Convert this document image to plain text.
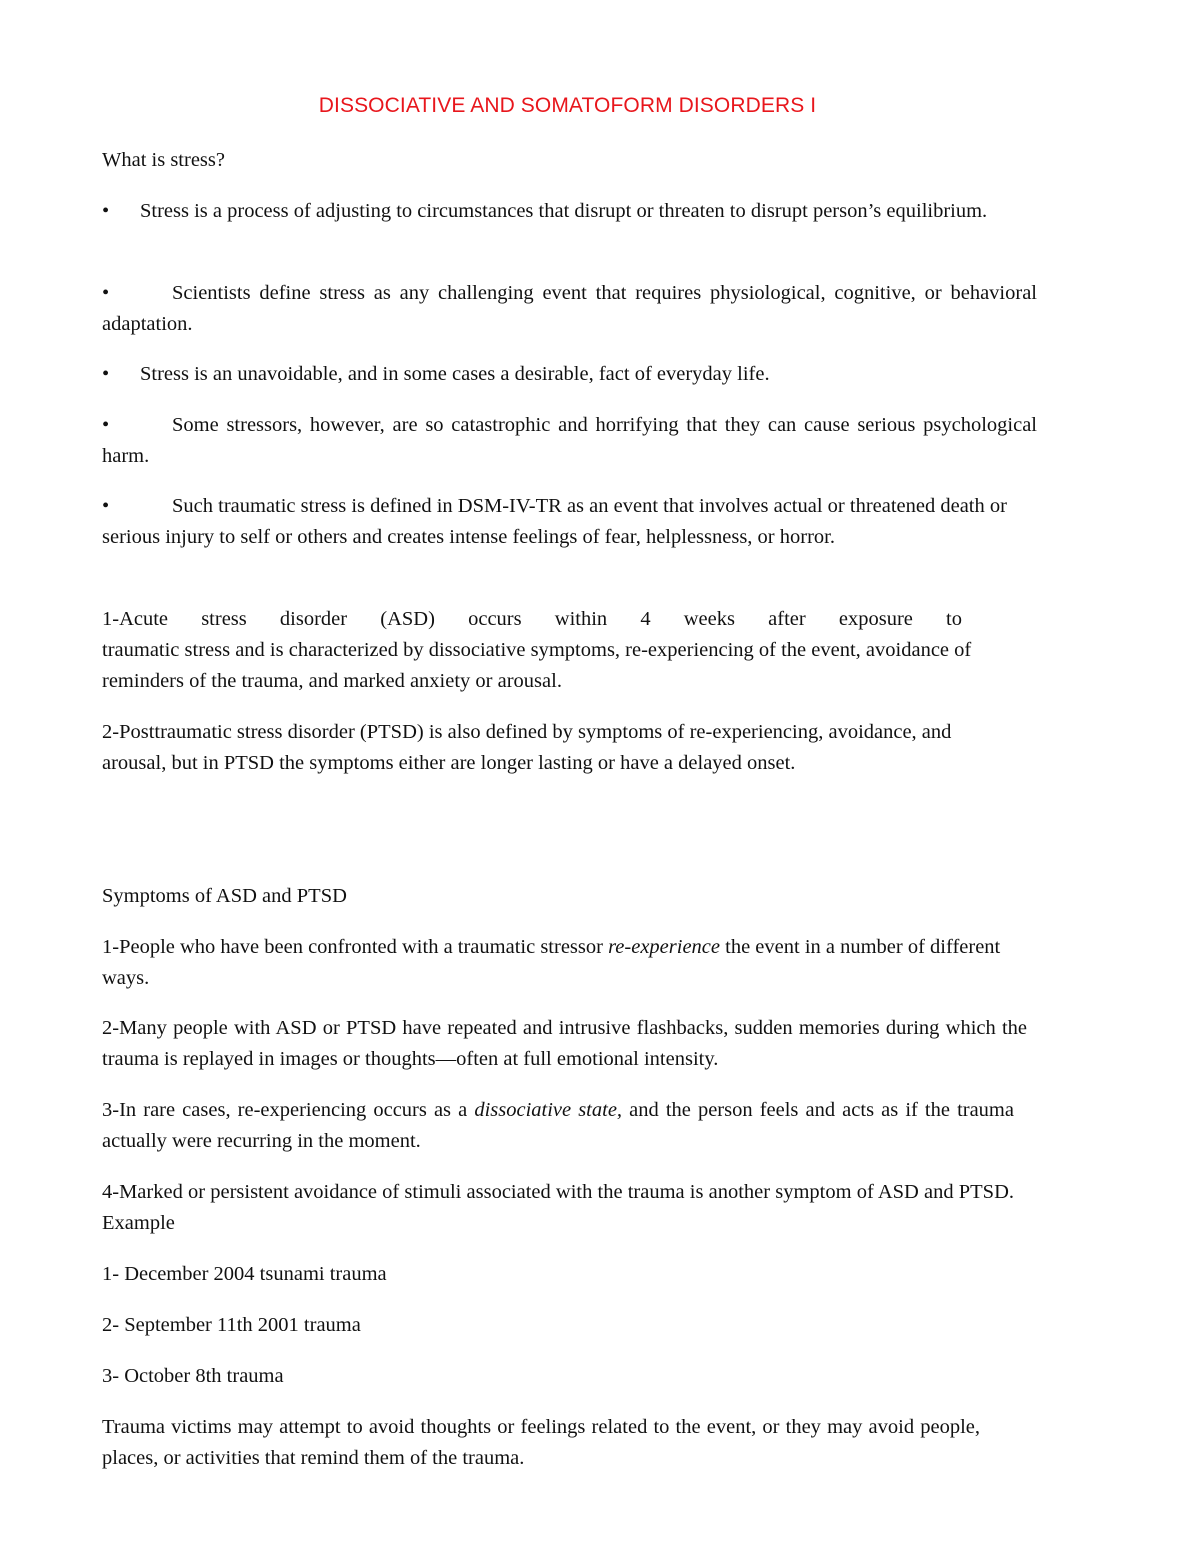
DISSOCIATIVE AND SOMATOFORM DISORDERS I

What is stress?

• Stress is a process of adjusting to circumstances that disrupt or threaten to disrupt person’s equilibrium.

•	Scientists define stress as any challenging event that requires physiological, cognitive, or behavioral adaptation.

• Stress is an unavoidable, and in some cases a desirable, fact of everyday life.

•	Some stressors, however, are so catastrophic and horrifying that they can cause serious psychological harm.

•	Such traumatic stress is defined in DSM-IV-TR as an event that involves actual or threatened death or serious injury to self or others and creates intense feelings of fear, helplessness, or horror.

1-Acute stress disorder (ASD) occurs within 4 weeks after exposure to

traumatic stress and is characterized by dissociative symptoms, re-experiencing of the event, avoidance of reminders of the trauma, and marked anxiety or arousal.

2-Posttraumatic stress disorder (PTSD) is also defined by symptoms of re-experiencing, avoidance, and arousal, but in PTSD the symptoms either are longer lasting or have a delayed onset.

Symptoms of ASD and PTSD

1-People who have been confronted with a traumatic stressor re-experience the event in a number of different ways.

2-Many people with ASD or PTSD have repeated and intrusive flashbacks, sudden memories during which the trauma is replayed in images or thoughts—often at full emotional intensity.

3-In rare cases, re-experiencing occurs as a dissociative state, and the person feels and acts as if the trauma actually were recurring in the moment.

4-Marked or persistent avoidance of stimuli associated with the trauma is another symptom of ASD and PTSD. Example

1- December 2004 tsunami trauma

2- September 11th 2001 trauma

3- October 8th trauma

Trauma victims may attempt to avoid thoughts or feelings related to the event, or they may avoid people, places, or activities that remind them of the trauma.
